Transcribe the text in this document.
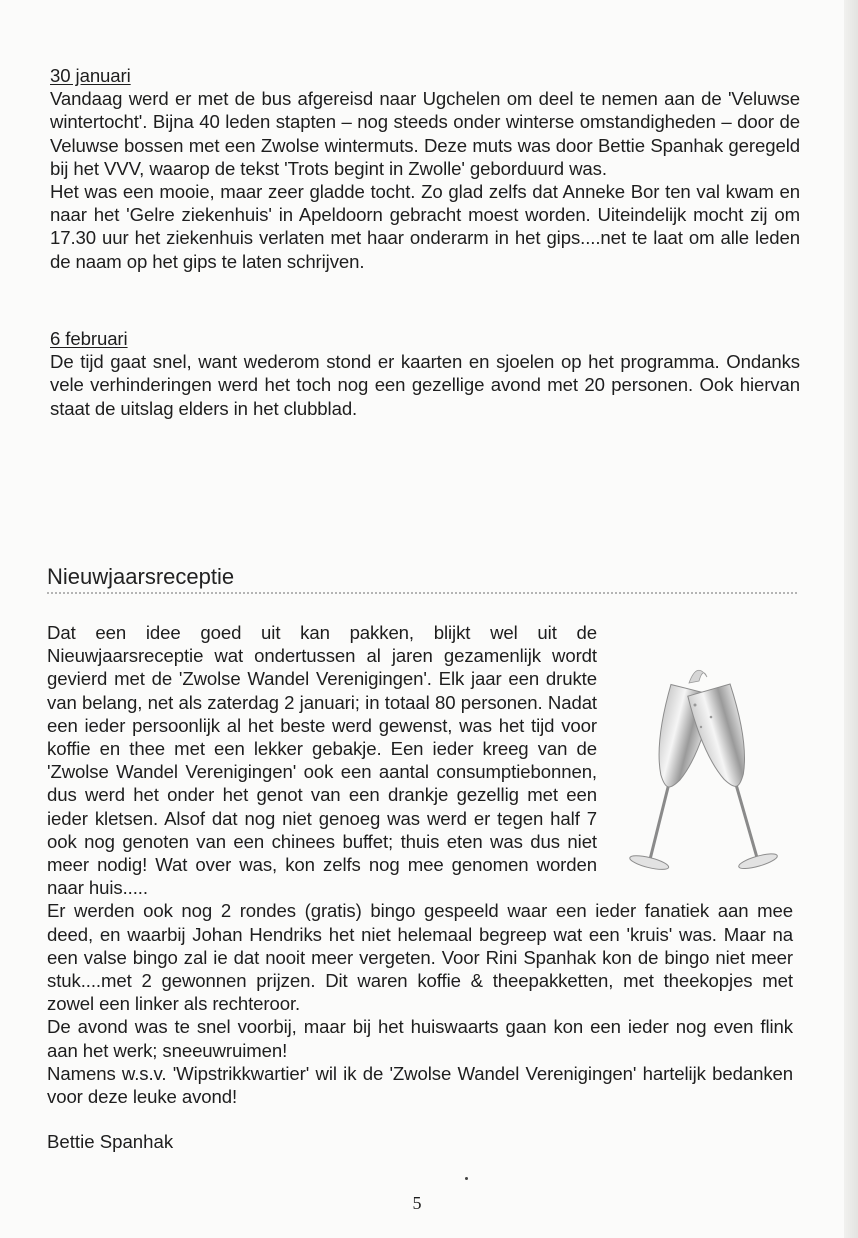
30 januari

Vandaag werd er met de bus afgereisd naar Ugchelen om deel te nemen aan de 'Veluwse wintertocht'. Bijna 40 leden stapten – nog steeds onder winterse omstandigheden – door de Veluwse bossen met een Zwolse wintermuts. Deze muts was door Bettie Spanhak geregeld bij het VVV, waarop de tekst 'Trots begint in Zwolle' geborduurd was.

Het was een mooie, maar zeer gladde tocht. Zo glad zelfs dat Anneke Bor ten val kwam en naar het 'Gelre ziekenhuis' in Apeldoorn gebracht moest worden. Uiteindelijk mocht zij om 17.30 uur het ziekenhuis verlaten met haar onderarm in het gips....net te laat om alle leden de naam op het gips te laten schrijven.

6 februari

De tijd gaat snel, want wederom stond er kaarten en sjoelen op het programma. Ondanks vele verhinderingen werd het toch nog een gezellige avond met 20 personen. Ook hiervan staat de uitslag elders in het clubblad.

Nieuwjaarsreceptie

Dat een idee goed uit kan pakken, blijkt wel uit de Nieuwjaarsreceptie wat ondertussen al jaren gezamenlijk wordt gevierd met de 'Zwolse Wandel Verenigingen'. Elk jaar een drukte van belang, net als zaterdag 2 januari; in totaal 80 personen. Nadat een ieder persoonlijk al het beste werd gewenst, was het tijd voor koffie en thee met een lekker gebakje. Een ieder kreeg van de 'Zwolse Wandel Verenigingen' ook een aantal consumptiebonnen, dus werd het onder het genot van een drankje gezellig met een ieder kletsen. Alsof dat nog niet genoeg was werd er tegen half 7 ook nog genoten van een chinees buffet; thuis eten was dus niet meer nodig! Wat over was, kon zelfs nog mee genomen worden naar huis.....

Er werden ook nog 2 rondes (gratis) bingo gespeeld waar een ieder fanatiek aan mee deed, en waarbij Johan Hendriks het niet helemaal begreep wat een 'kruis' was. Maar na een valse bingo zal ie dat nooit meer vergeten. Voor Rini Spanhak kon de bingo niet meer stuk....met 2 gewonnen prijzen. Dit waren koffie & theepakketten, met theekopjes met zowel een linker als rechteroor.

De avond was te snel voorbij, maar bij het huiswaarts gaan kon een ieder nog even flink aan het werk; sneeuwruimen!

Namens w.s.v. 'Wipstrikkwartier' wil ik de 'Zwolse Wandel Verenigingen' hartelijk bedanken voor deze leuke avond!

Bettie Spanhak
5
